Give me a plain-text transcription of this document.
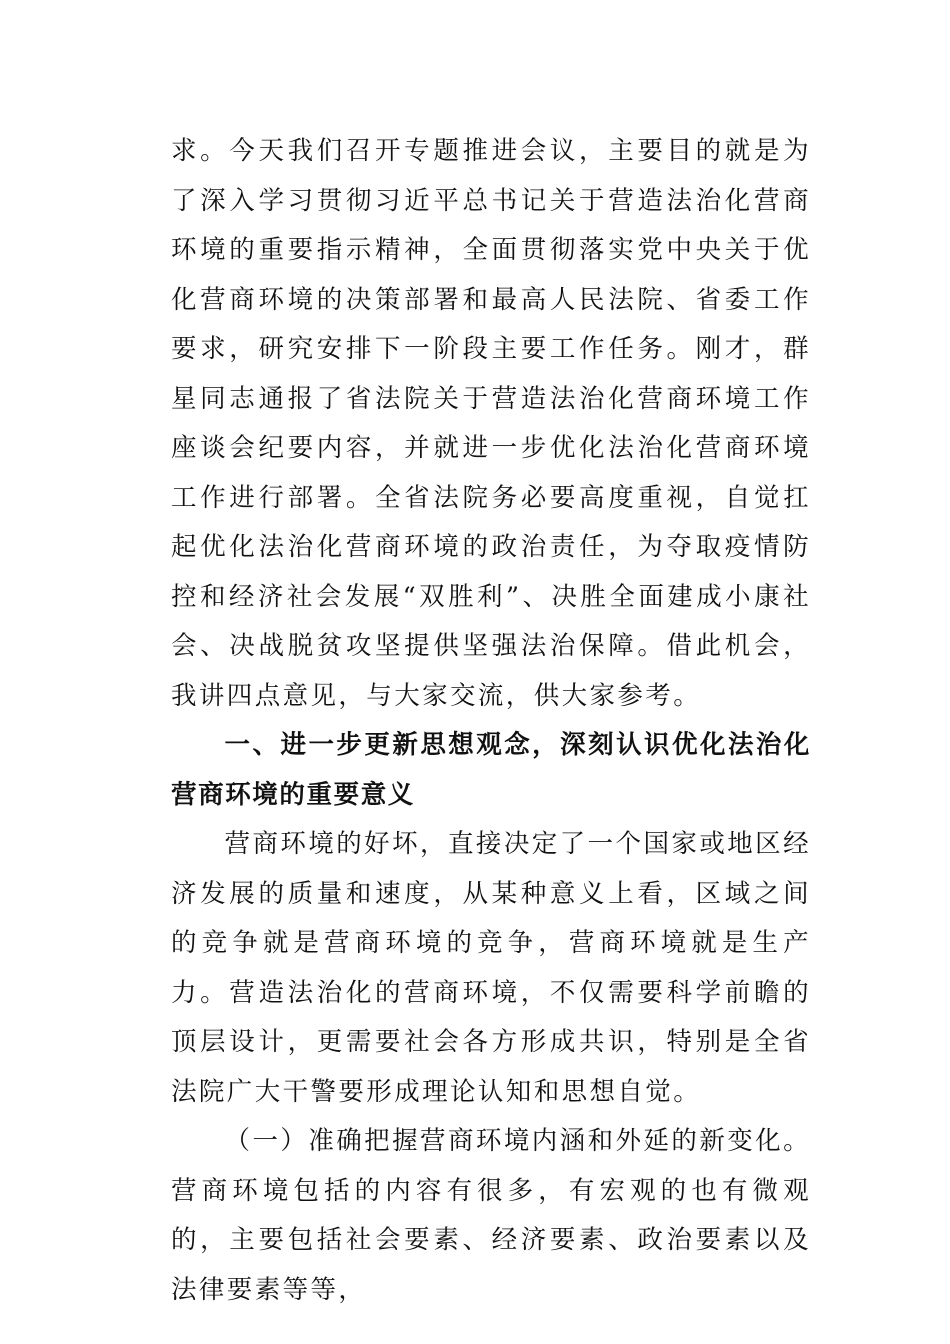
求。今天我们召开专题推进会议，主要目的就是为了深入学习贯彻习近平总书记关于营造法治化营商环境的重要指示精神，全面贯彻落实党中央关于优化营商环境的决策部署和最高人民法院、省委工作要求，研究安排下一阶段主要工作任务。刚才，群星同志通报了省法院关于营造法治化营商环境工作座谈会纪要内容，并就进一步优化法治化营商环境工作进行部署。全省法院务必要高度重视，自觉扛起优化法治化营商环境的政治责任，为夺取疫情防控和经济社会发展“双胜利”、决胜全面建成小康社会、决战脱贫攻坚提供坚强法治保障。借此机会，我讲四点意见，与大家交流，供大家参考。

一、进一步更新思想观念，深刻认识优化法治化营商环境的重要意义

营商环境的好坏，直接决定了一个国家或地区经济发展的质量和速度，从某种意义上看，区域之间的竞争就是营商环境的竞争，营商环境就是生产力。营造法治化的营商环境，不仅需要科学前瞻的顶层设计，更需要社会各方形成共识，特别是全省法院广大干警要形成理论认知和思想自觉。

（一）准确把握营商环境内涵和外延的新变化。营商环境包括的内容有很多，有宏观的也有微观的，主要包括社会要素、经济要素、政治要素以及法律要素等等，
